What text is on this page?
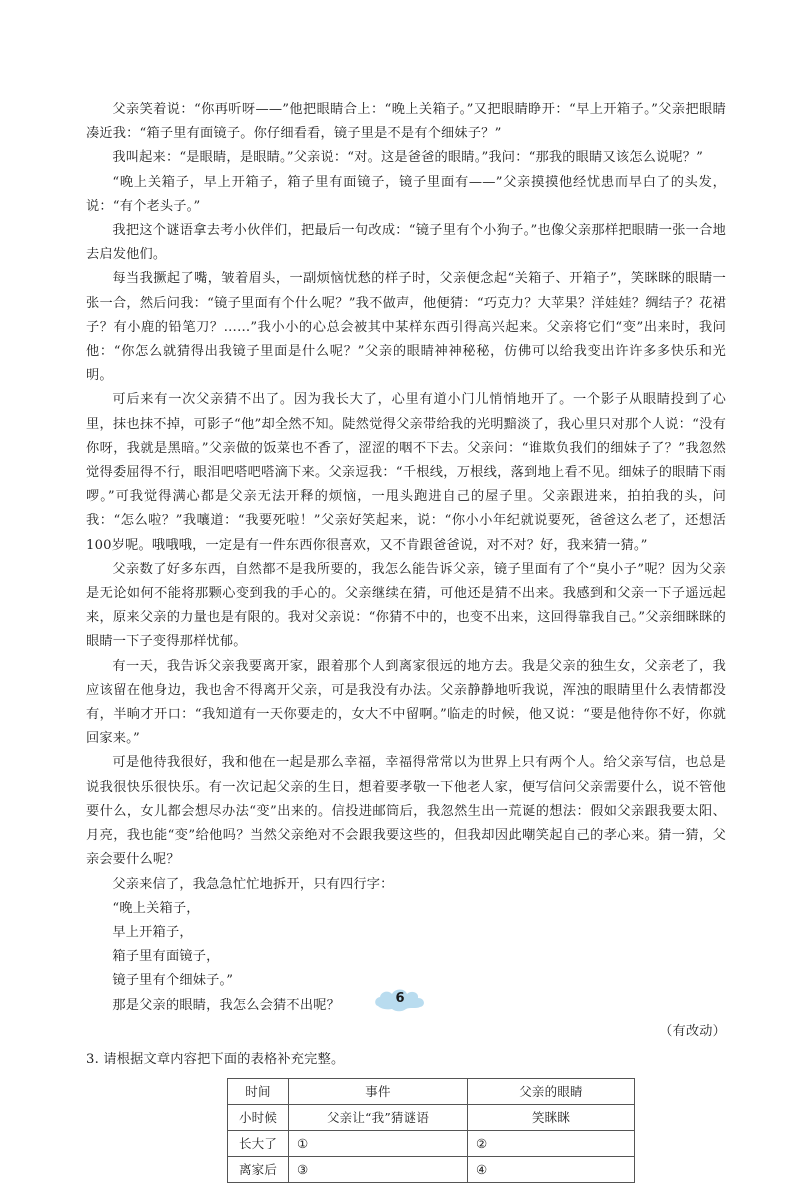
父亲笑着说：“你再听呀——”他把眼睛合上：“晚上关箱子。”又把眼睛睁开：“早上开箱子。”父亲把眼睛凑近我：“箱子里有面镜子。你仔细看看，镜子里是不是有个细妹子？”

我叫起来：“是眼睛，是眼睛。”父亲说：“对。这是爸爸的眼睛。”我问：“那我的眼睛又该怎么说呢？”

“晚上关箱子，早上开箱子，箱子里有面镜子，镜子里面有——”父亲摸摸他经忧患而早白了的头发，说：“有个老头子。”

我把这个谜语拿去考小伙伴们，把最后一句改成：“镜子里有个小狗子。”也像父亲那样把眼睛一张一合地去启发他们。

每当我撅起了嘴，皱着眉头，一副烦恼忧愁的样子时，父亲便念起“关箱子、开箱子”，笑眯眯的眼睛一张一合，然后问我：“镜子里面有个什么呢？”我不做声，他便猜：“巧克力？大苹果？洋娃娃？绸结子？花裙子？有小鹿的铅笔刀？……”我小小的心总会被其中某样东西引得高兴起来。父亲将它们“变”出来时，我问他：“你怎么就猜得出我镜子里面是什么呢？”父亲的眼睛神神秘秘，仿佛可以给我变出许许多多快乐和光明。

可后来有一次父亲猜不出了。因为我长大了，心里有道小门儿悄悄地开了。一个影子从眼睛投到了心里，抹也抹不掉，可影子“他”却全然不知。陡然觉得父亲带给我的光明黯淡了，我心里只对那个人说：“没有你呀，我就是黑暗。”父亲做的饭菜也不香了，涩涩的咽不下去。父亲问：“谁欺负我们的细妹子了？”我忽然觉得委屈得不行，眼泪吧嗒吧嗒滴下来。父亲逗我：“千根线，万根线，落到地上看不见。细妹子的眼睛下雨啰。”可我觉得满心都是父亲无法开释的烦恼，一甩头跑进自己的屋子里。父亲跟进来，拍拍我的头，问我：“怎么啦？”我嚷道：“我要死啦！”父亲好笑起来，说：“你小小年纪就说要死，爸爸这么老了，还想活100岁呢。哦哦哦，一定是有一件东西你很喜欢，又不肯跟爸爸说，对不对？好，我来猜一猜。”

父亲数了好多东西，自然都不是我所要的，我怎么能告诉父亲，镜子里面有了个“臭小子”呢？因为父亲是无论如何不能将那颗心变到我的手心的。父亲继续在猜，可他还是猜不出来。我感到和父亲一下子遥远起来，原来父亲的力量也是有限的。我对父亲说：“你猜不中的，也变不出来，这回得靠我自己。”父亲细眯眯的眼睛一下子变得那样忧郁。

有一天，我告诉父亲我要离开家，跟着那个人到离家很远的地方去。我是父亲的独生女，父亲老了，我应该留在他身边，我也舍不得离开父亲，可是我没有办法。父亲静静地听我说，浑浊的眼睛里什么表情都没有，半晌才开口：“我知道有一天你要走的，女大不中留啊。”临走的时候，他又说：“要是他待你不好，你就回家来。”

可是他待我很好，我和他在一起是那么幸福，幸福得常常以为世界上只有两个人。给父亲写信，也总是说我很快乐很快乐。有一次记起父亲的生日，想着要孝敬一下他老人家，便写信问父亲需要什么，说不管他要什么，女儿都会想尽办法“变”出来的。信投进邮筒后，我忽然生出一荒诞的想法：假如父亲跟我要太阳、月亮，我也能“变”给他吗？当然父亲绝对不会跟我要这些的，但我却因此嘲笑起自己的孝心来。猜一猜，父亲会要什么呢？

父亲来信了，我急急忙忙地拆开，只有四行字：

“晚上关箱子，

早上开箱子，

箱子里有面镜子，

镜子里有个细妹子。”

那是父亲的眼睛，我怎么会猜不出呢？

（有改动）

3. 请根据文章内容把下面的表格补充完整。

时间	事件	父亲的眼睛
小时候	父亲让“我”猜谜语	笑眯眯
长大了	①	②
离家后	③	④
6
